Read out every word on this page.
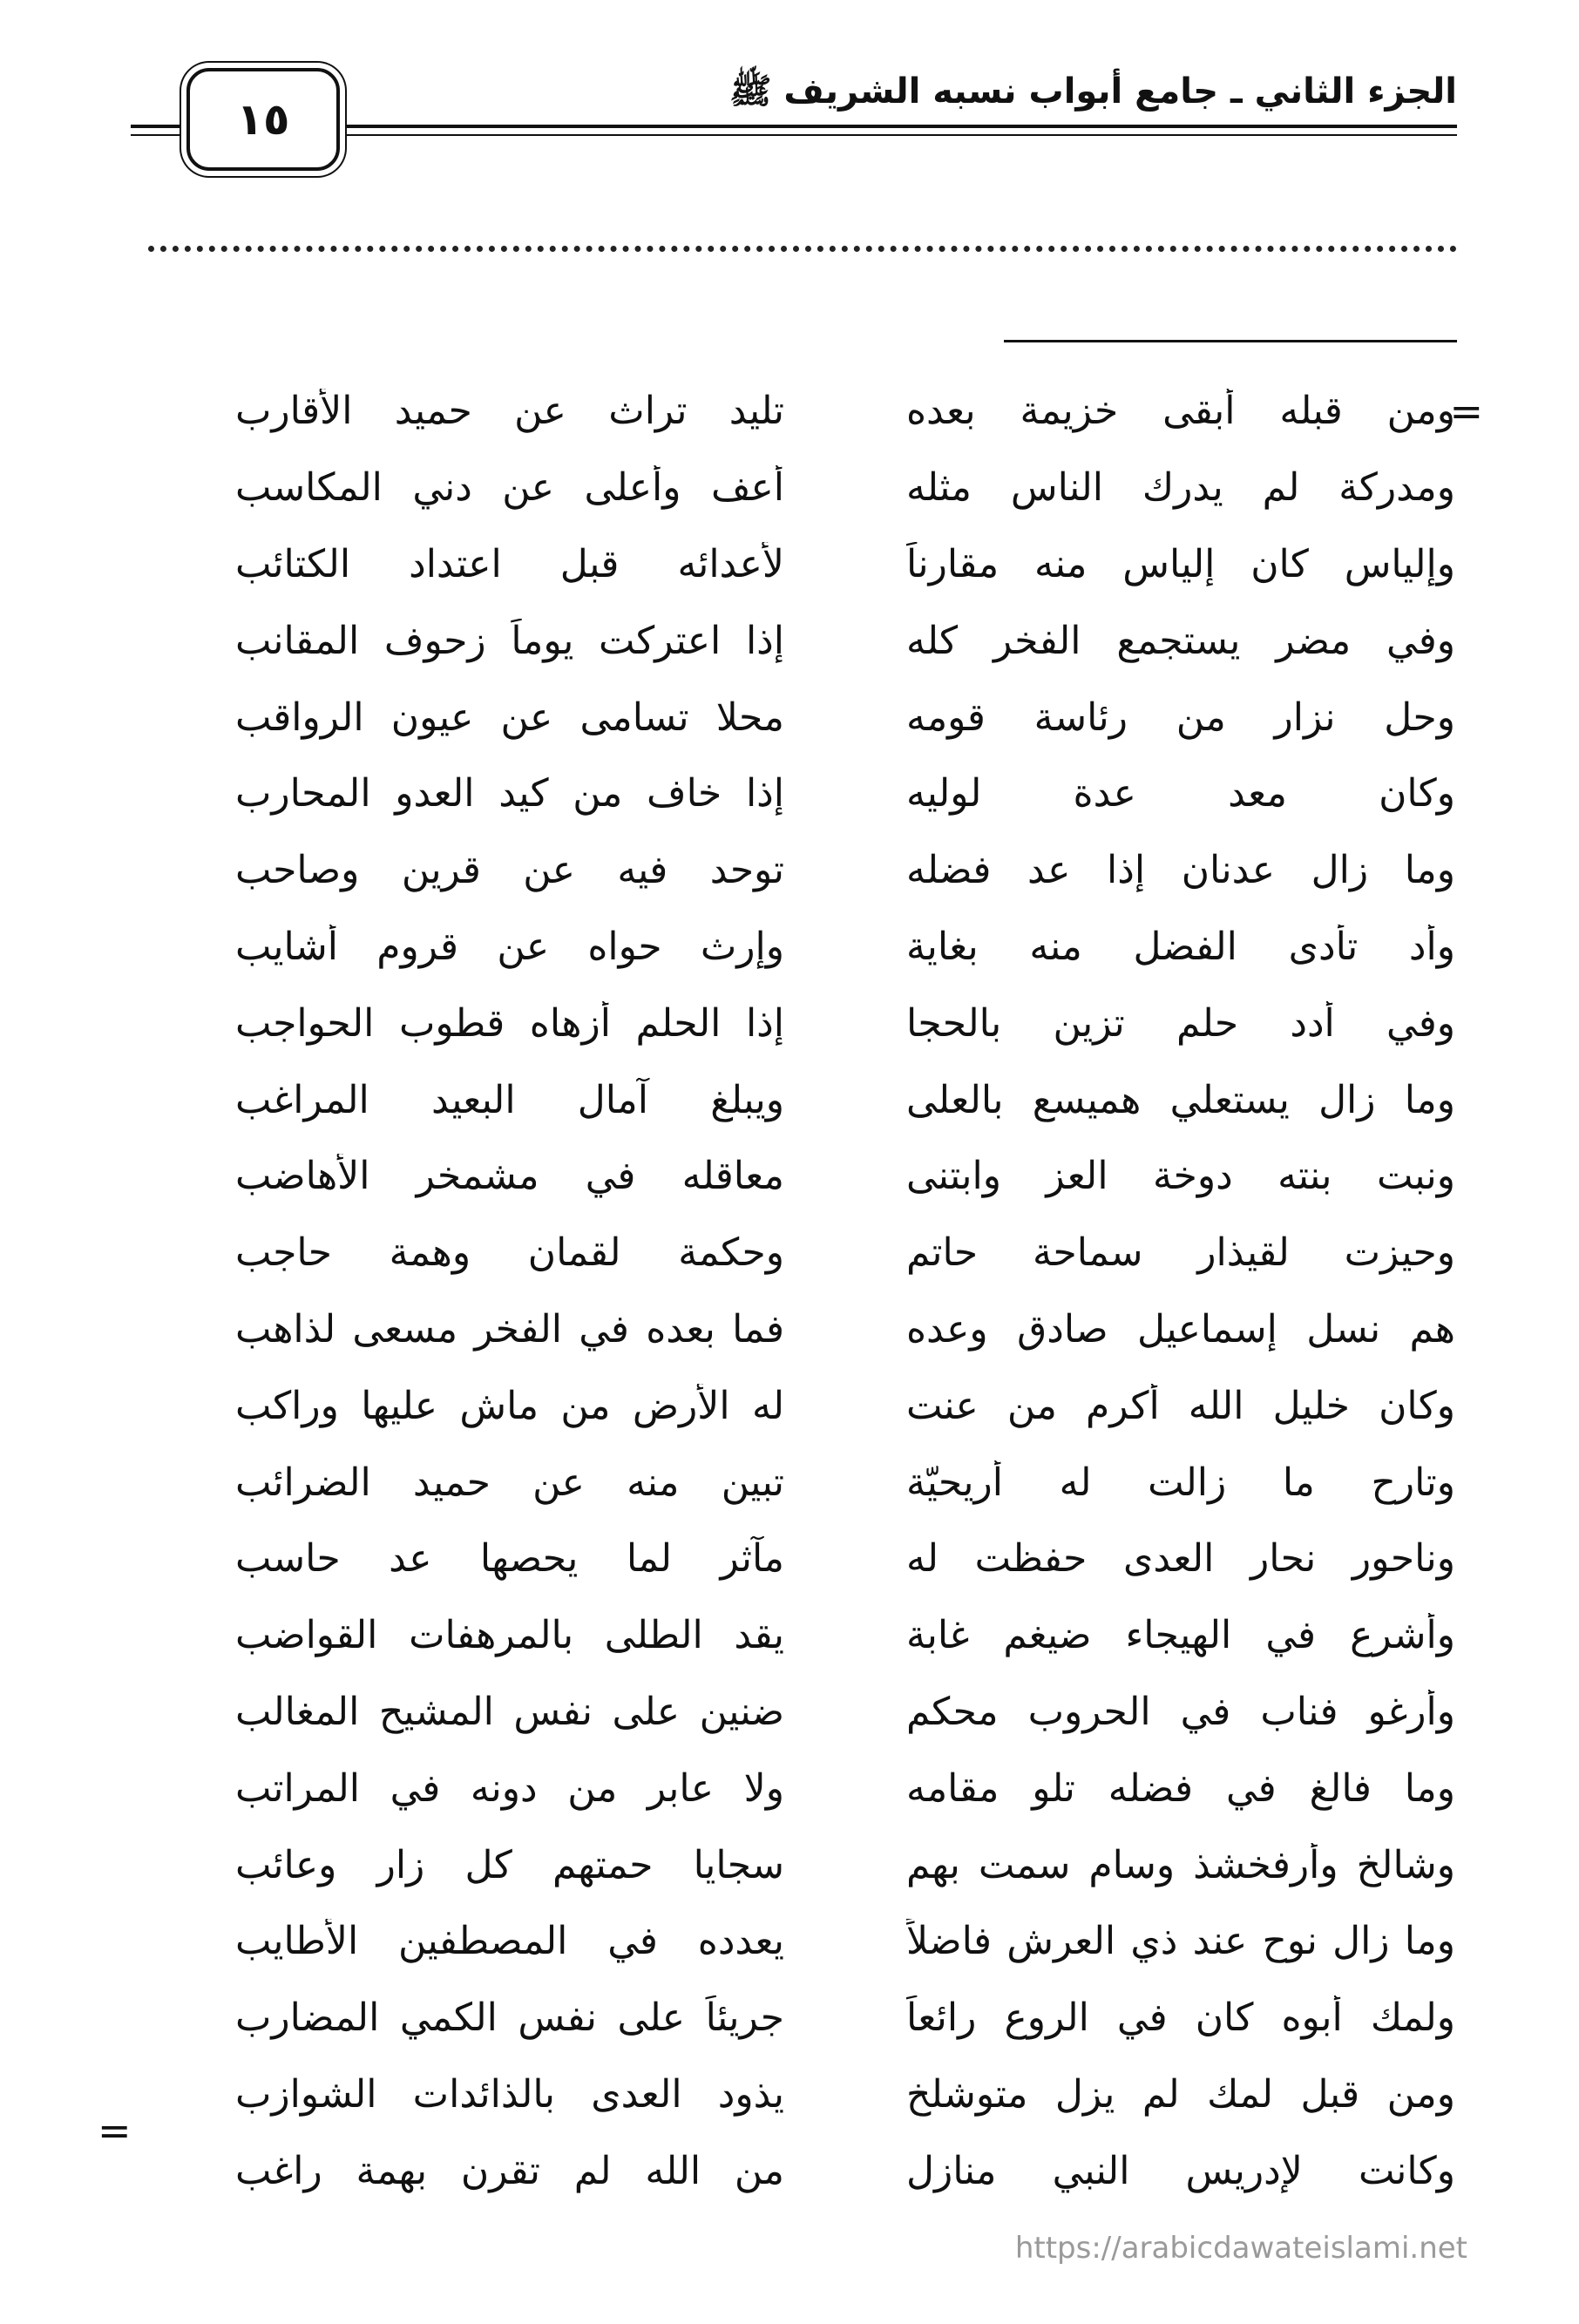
الجزء الثاني ـ جامع أبواب نسبه الشريف ﷺ
١٥
=
ومن قبله أبقى خزيمة بعده
تليد تراث عن حميد الأقارب
ومدركة لم يدرك الناس مثله
أعف وأعلى عن دني المكاسب
وإلياس كان إلياس منه مقارناً
لأعدائه قبل اعتداد الكتائب
وفي مضر يستجمع الفخر كله
إذا اعتركت يوماً زحوف المقانب
وحل نزار من رئاسة قومه
محلا تسامى عن عيون الرواقب
وكان معد عدة لوليه
إذا خاف من كيد العدو المحارب
وما زال عدنان إذا عد فضله
توحد فيه عن قرين وصاحب
وأد تأدى الفضل منه بغاية
وإرث حواه عن قروم أشايب
وفي أدد حلم تزين بالحجا
إذا الحلم أزهاه قطوب الحواجب
وما زال يستعلي هميسع بالعلى
ويبلغ آمال البعيد المراغب
ونبت بنته دوخة العز وابتنى
معاقله في مشمخر الأهاضب
وحيزت لقيذار سماحة حاتم
وحكمة لقمان وهمة حاجب
هم نسل إسماعيل صادق وعده
فما بعده في الفخر مسعى لذاهب
وكان خليل الله أكرم من عنت
له الأرض من ماش عليها وراكب
وتارح ما زالت له أريحيّة
تبين منه عن حميد الضرائب
وناحور نحار العدى حفظت له
مآثر لما يحصها عد حاسب
وأشرع في الهيجاء ضيغم غابة
يقد الطلى بالمرهفات القواضب
وأرغو فناب في الحروب محكم
ضنين على نفس المشيح المغالب
وما فالغ في فضله تلو مقامه
ولا عابر من دونه في المراتب
وشالخ وأرفخشذ وسام سمت بهم
سجايا حمتهم كل زار وعائب
وما زال نوح عند ذي العرش فاضلاً
يعدده في المصطفين الأطايب
ولمك أبوه كان في الروع رائعاً
جريئاً على نفس الكمي المضارب
ومن قبل لمك لم يزل متوشلخ
يذود العدى بالذائدات الشوازب
وكانت لإدريس النبي منازل
من الله لم تقرن بهمة راغب
=
https://arabicdawateislami.net
